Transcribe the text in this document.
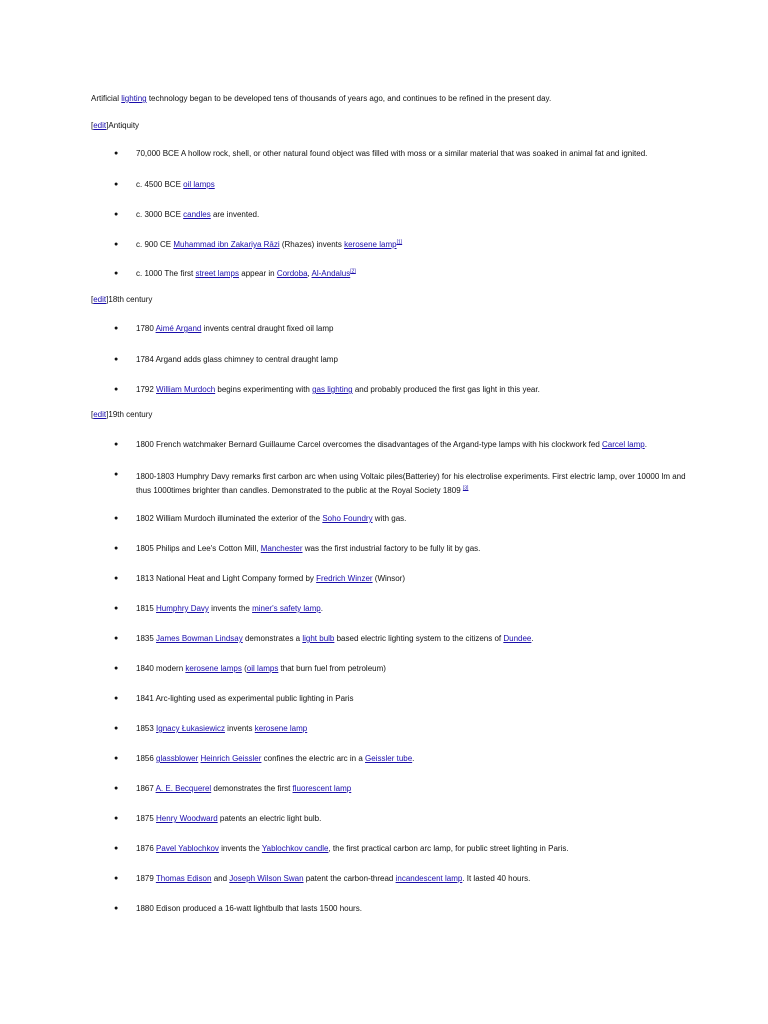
Artificial lighting technology began to be developed tens of thousands of years ago, and continues to be refined in the present day.
[edit]Antiquity
● 70,000 BCE A hollow rock, shell, or other natural found object was filled with moss or a similar material that was soaked in animal fat and ignited.
● c. 4500 BCE oil lamps
● c. 3000 BCE candles are invented.
● c. 900 CE Muhammad ibn Zakariya Rāzi (Rhazes) invents kerosene lamp[1]
● c. 1000 The first street lamps appear in Cordoba, Al-Andalus[2]
[edit]18th century
● 1780 Aimé Argand invents central draught fixed oil lamp
● 1784 Argand adds glass chimney to central draught lamp
● 1792 William Murdoch begins experimenting with gas lighting and probably produced the first gas light in this year.
[edit]19th century
● 1800 French watchmaker Bernard Guillaume Carcel overcomes the disadvantages of the Argand-type lamps with his clockwork fed Carcel lamp.
● 1800-1803 Humphry Davy remarks first carbon arc when using Voltaic piles(Batteriey) for his electrolise experiments. First electric lamp, over 10000 lm and thus 1000times brighter than candles. Demonstrated to the public at the Royal Society 1809 [3]
● 1802 William Murdoch illuminated the exterior of the Soho Foundry with gas.
● 1805 Philips and Lee's Cotton Mill, Manchester was the first industrial factory to be fully lit by gas.
● 1813 National Heat and Light Company formed by Fredrich Winzer (Winsor)
● 1815 Humphry Davy invents the miner's safety lamp.
● 1835 James Bowman Lindsay demonstrates a light bulb based electric lighting system to the citizens of Dundee.
● 1840 modern kerosene lamps (oil lamps that burn fuel from petroleum)
● 1841 Arc-lighting used as experimental public lighting in Paris
● 1853 Ignacy Łukasiewicz invents kerosene lamp
● 1856 glassblower Heinrich Geissler confines the electric arc in a Geissler tube.
● 1867 A. E. Becquerel demonstrates the first fluorescent lamp
● 1875 Henry Woodward patents an electric light bulb.
● 1876 Pavel Yablochkov invents the Yablochkov candle, the first practical carbon arc lamp, for public street lighting in Paris.
● 1879 Thomas Edison and Joseph Wilson Swan patent the carbon-thread incandescent lamp. It lasted 40 hours.
● 1880 Edison produced a 16-watt lightbulb that lasts 1500 hours.
